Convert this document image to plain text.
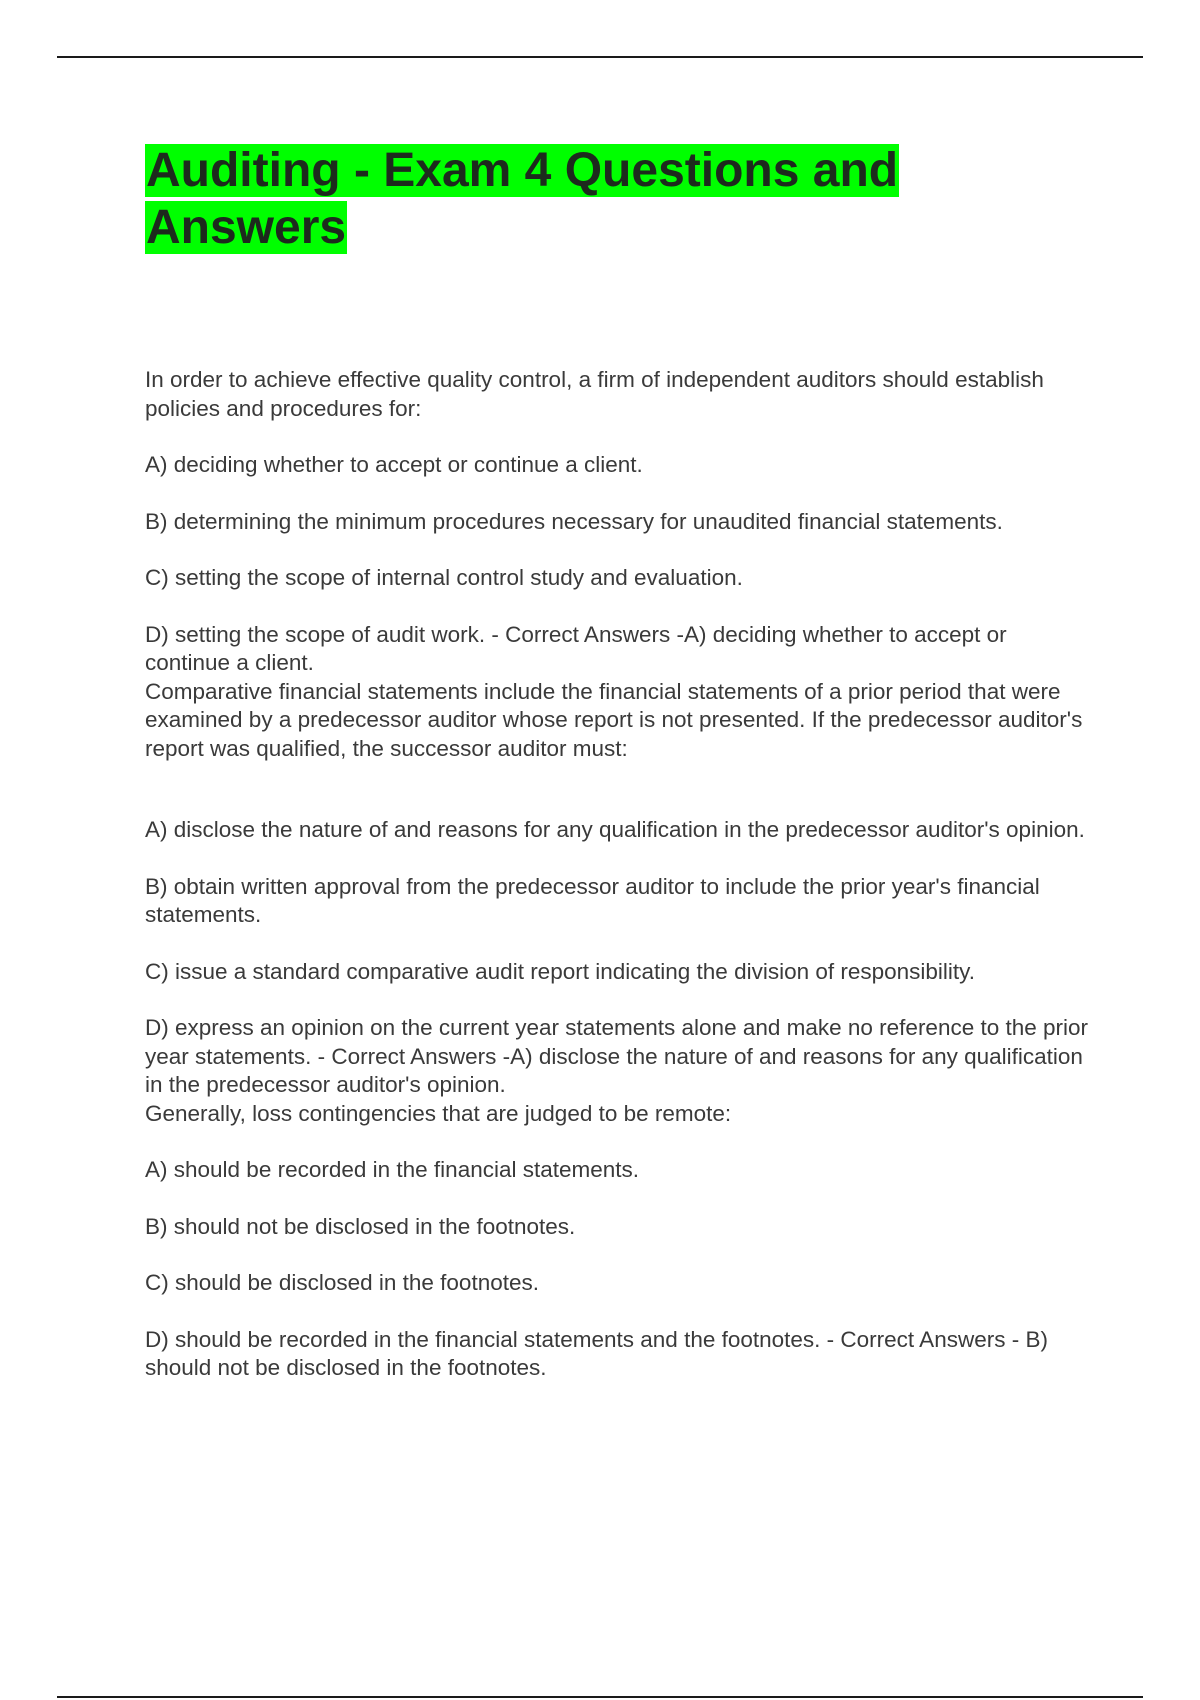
Auditing - Exam 4 Questions and Answers

In order to achieve effective quality control, a firm of independent auditors should establish policies and procedures for:

A) deciding whether to accept or continue a client.

B) determining the minimum procedures necessary for unaudited financial statements.

C) setting the scope of internal control study and evaluation.

D) setting the scope of audit work. - Correct Answers -A) deciding whether to accept or continue a client.

Comparative financial statements include the financial statements of a prior period that were examined by a predecessor auditor whose report is not presented. If the predecessor auditor's report was qualified, the successor auditor must:

A) disclose the nature of and reasons for any qualification in the predecessor auditor's opinion.

B) obtain written approval from the predecessor auditor to include the prior year's financial statements.

C) issue a standard comparative audit report indicating the division of responsibility.

D) express an opinion on the current year statements alone and make no reference to the prior year statements. - Correct Answers -A) disclose the nature of and reasons for any qualification in the predecessor auditor's opinion.

Generally, loss contingencies that are judged to be remote:

A) should be recorded in the financial statements.

B) should not be disclosed in the footnotes.

C) should be disclosed in the footnotes.

D) should be recorded in the financial statements and the footnotes. - Correct Answers - B) should not be disclosed in the footnotes.
